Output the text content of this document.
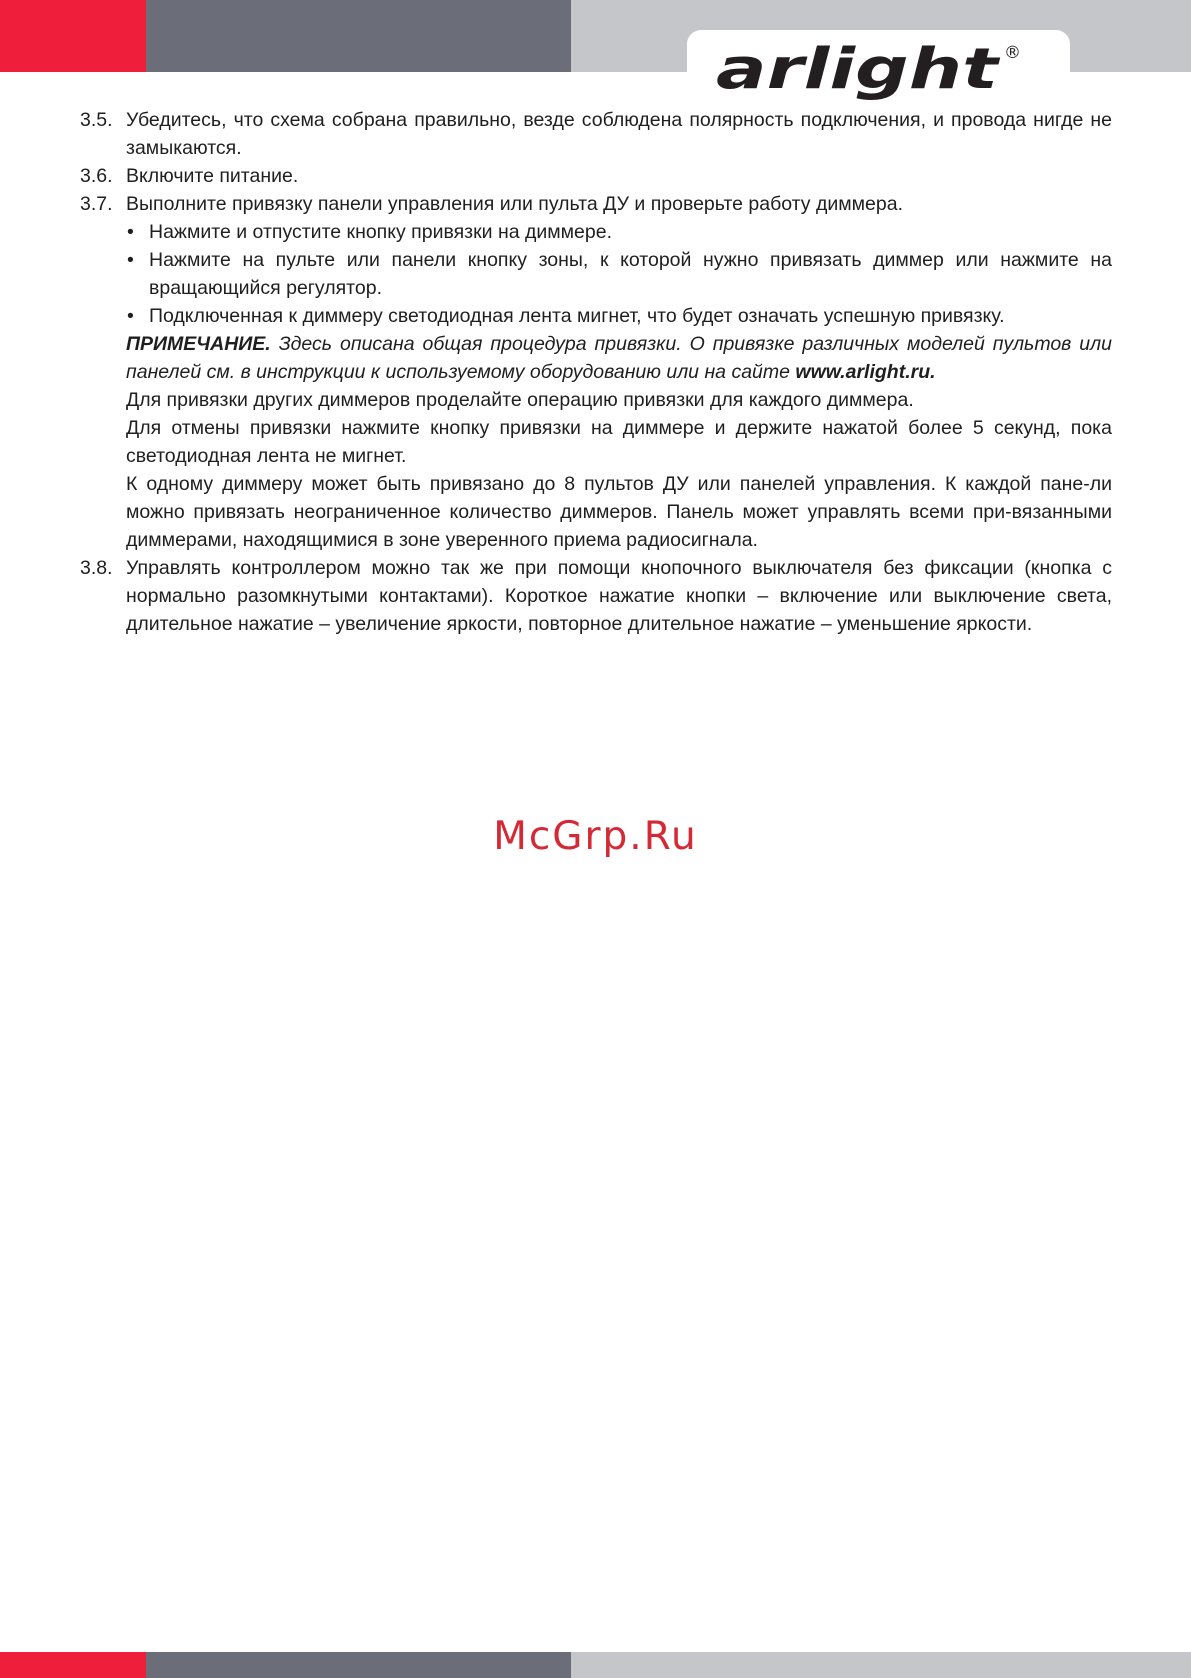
arlight ®
3.5. Убедитесь, что схема собрана правильно, везде соблюдена полярность подключения, и провода нигде не замыкаются.
3.6. Включите питание.
3.7. Выполните привязку панели управления или пульта ДУ и проверьте работу диммера.
• Нажмите и отпустите кнопку привязки на диммере.
• Нажмите на пульте или панели кнопку зоны, к которой нужно привязать диммер или нажмите на вращающийся регулятор.
• Подключенная к диммеру светодиодная лента мигнет, что будет означать успешную привязку.
ПРИМЕЧАНИЕ. Здесь описана общая процедура привязки. О привязке различных моделей пультов или панелей см. в инструкции к используемому оборудованию или на сайте www.arlight.ru.
Для привязки других диммеров проделайте операцию привязки для каждого диммера.
Для отмены привязки нажмите кнопку привязки на диммере и держите нажатой более 5 секунд, пока светодиодная лента не мигнет.
К одному диммеру может быть привязано до 8 пультов ДУ или панелей управления. К каждой пане-ли можно привязать неограниченное количество диммеров. Панель может управлять всеми при-вязанными диммерами, находящимися в зоне уверенного приема радиосигнала.
3.8. Управлять контроллером можно так же при помощи кнопочного выключателя без фиксации (кнопка с нормально разомкнутыми контактами). Короткое нажатие кнопки – включение или выключение света, длительное нажатие – увеличение яркости, повторное длительное нажатие – уменьшение яркости.
McGrp.Ru
